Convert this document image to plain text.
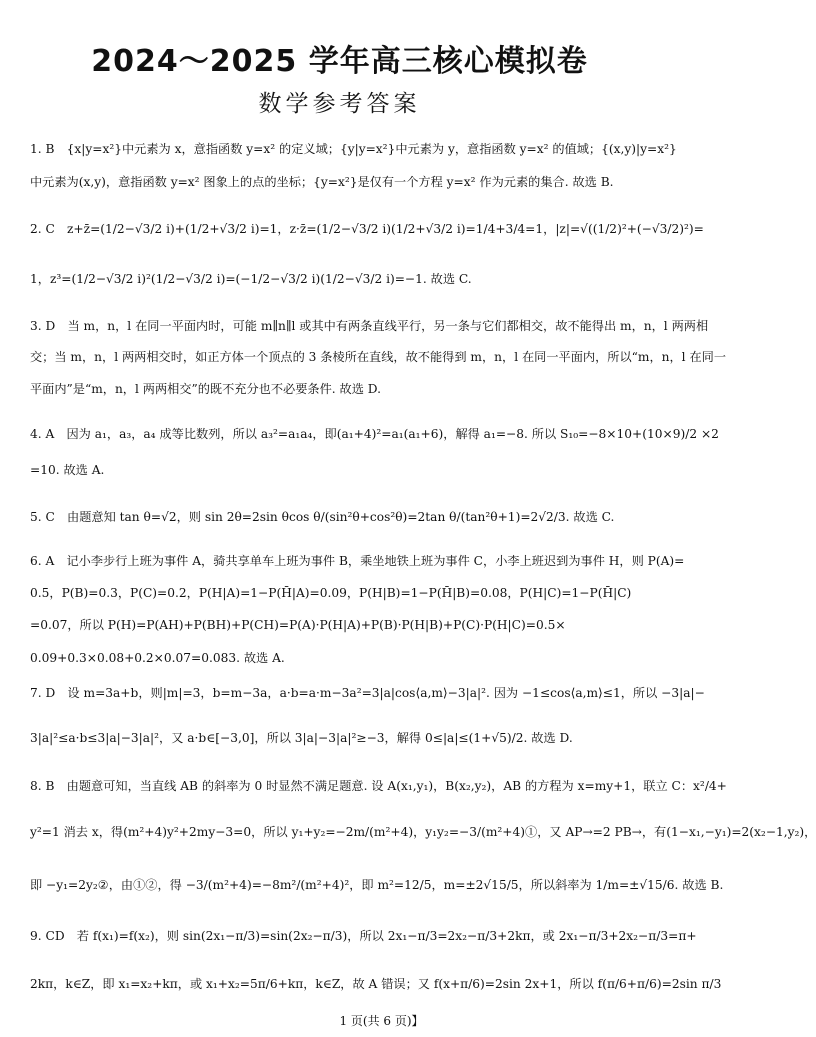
2024～2025 学年高三核心模拟卷
数学参考答案
1. B　{x|y=x²}中元素为 x，意指函数 y=x² 的定义域；{y|y=x²}中元素为 y，意指函数 y=x² 的值域；{(x,y)|y=x²}
中元素为(x,y)，意指函数 y=x² 图象上的点的坐标；{y=x²}是仅有一个方程 y=x² 作为元素的集合. 故选 B.
2. C　z+z̄=(1/2−√3/2 i)+(1/2+√3/2 i)=1，z·z̄=(1/2−√3/2 i)(1/2+√3/2 i)=1/4+3/4=1，|z|=√((1/2)²+(−√3/2)²)=
1，z³=(1/2−√3/2 i)²(1/2−√3/2 i)=(−1/2−√3/2 i)(1/2−√3/2 i)=−1. 故选 C.
3. D　当 m，n，l 在同一平面内时，可能 m∥n∥l 或其中有两条直线平行，另一条与它们都相交，故不能得出 m，n，l 两两相
交；当 m，n，l 两两相交时，如正方体一个顶点的 3 条棱所在直线，故不能得到 m，n，l 在同一平面内，所以“m，n，l 在同一
平面内”是“m，n，l 两两相交”的既不充分也不必要条件. 故选 D.
4. A　因为 a₁，a₃，a₄ 成等比数列，所以 a₃²=a₁a₄，即(a₁+4)²=a₁(a₁+6)，解得 a₁=−8. 所以 S₁₀=−8×10+(10×9)/2 ×2
=10. 故选 A.
5. C　由题意知 tan θ=√2，则 sin 2θ=2sin θcos θ/(sin²θ+cos²θ)=2tan θ/(tan²θ+1)=2√2/3. 故选 C.
6. A　记小李步行上班为事件 A，骑共享单车上班为事件 B，乘坐地铁上班为事件 C，小李上班迟到为事件 H，则 P(A)=
0.5，P(B)=0.3，P(C)=0.2，P(H|A)=1−P(H̄|A)=0.09，P(H|B)=1−P(H̄|B)=0.08，P(H|C)=1−P(H̄|C)
=0.07，所以 P(H)=P(AH)+P(BH)+P(CH)=P(A)·P(H|A)+P(B)·P(H|B)+P(C)·P(H|C)=0.5×
0.09+0.3×0.08+0.2×0.07=0.083. 故选 A.
7. D　设 m=3a+b，则|m|=3，b=m−3a，a·b=a·m−3a²=3|a|cos⟨a,m⟩−3|a|². 因为 −1≤cos⟨a,m⟩≤1，所以 −3|a|−
3|a|²≤a·b≤3|a|−3|a|²，又 a·b∈[−3,0]，所以 3|a|−3|a|²≥−3，解得 0≤|a|≤(1+√5)/2. 故选 D.
8. B　由题意可知，当直线 AB 的斜率为 0 时显然不满足题意. 设 A(x₁,y₁)，B(x₂,y₂)，AB 的方程为 x=my+1，联立 C：x²/4+
y²=1 消去 x，得(m²+4)y²+2my−3=0，所以 y₁+y₂=−2m/(m²+4)，y₁y₂=−3/(m²+4)①，又 AP→=2 PB→，有(1−x₁,−y₁)=2(x₂−1,y₂)，
即 −y₁=2y₂②，由①②，得 −3/(m²+4)=−8m²/(m²+4)²，即 m²=12/5，m=±2√15/5，所以斜率为 1/m=±√15/6. 故选 B.
9. CD　若 f(x₁)=f(x₂)，则 sin(2x₁−π/3)=sin(2x₂−π/3)，所以 2x₁−π/3=2x₂−π/3+2kπ，或 2x₁−π/3+2x₂−π/3=π+
2kπ，k∈Z，即 x₁=x₂+kπ，或 x₁+x₂=5π/6+kπ，k∈Z，故 A 错误；又 f(x+π/6)=2sin 2x+1，所以 f(π/6+π/6)=2sin π/3
1 页(共 6 页)】
